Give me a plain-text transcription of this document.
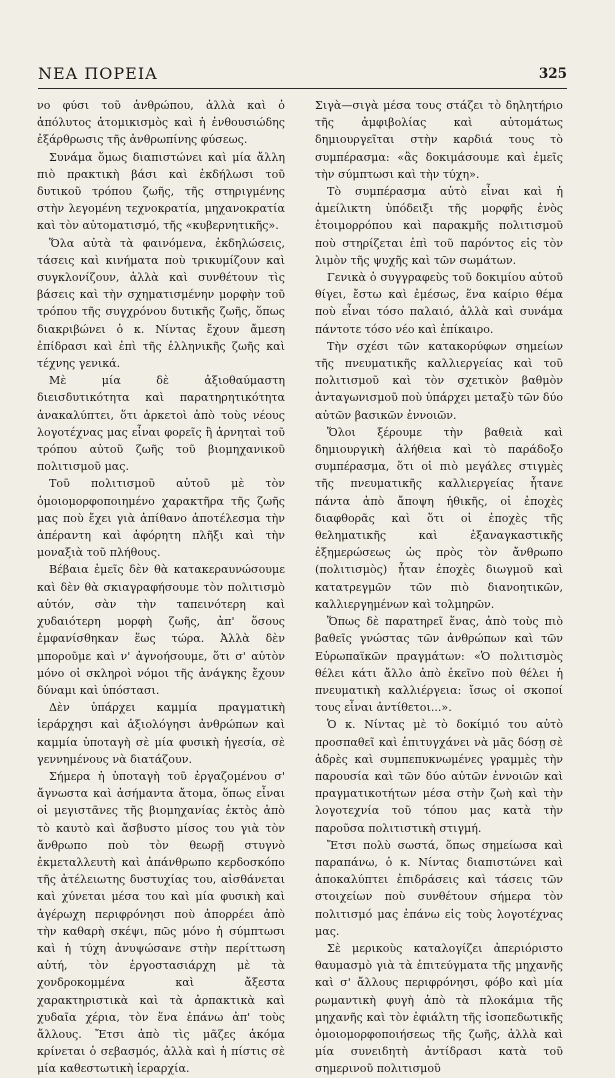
ΝΕΑ ΠΟΡΕΙΑ	325

νο φύσι τοῦ ἀνθρώπου, ἀλλὰ καὶ ὁ ἀπόλυτος ἀτομικισμὸς καὶ ἡ ἐνθουσιώδης ἐξάρθρωσις τῆς ἀνθρωπίνης φύσεως.

Συνάμα ὅμως διαπιστώνει καὶ μία ἄλλη πιὸ πρακτικὴ βάσι καὶ ἐκδήλωσι τοῦ δυτικοῦ τρόπου ζωῆς, τῆς στηριγμένης στὴν λεγομένη τεχνοκρατία, μηχανοκρατία καὶ τὸν αὐτοματισμό, τῆς «κυβερνητικῆς».

Ὅλα αὐτὰ τὰ φαινόμενα, ἐκδηλώσεις, τάσεις καὶ κινήματα ποὺ τρικυμίζουν καὶ συγκλονίζουν, ἀλλὰ καὶ συνθέτουν τὶς βάσεις καὶ τὴν σχηματισμένην μορφὴν τοῦ τρόπου τῆς συγχρόνου δυτικῆς ζωῆς, ὅπως διακριβώνει ὁ κ. Νίντας ἔχουν ἄμεση ἐπίδρασι καὶ ἐπὶ τῆς ἑλληνικῆς ζωῆς καὶ τέχνης γενικά.

Μὲ μία δὲ ἀξιοθαύμαστη διεισδυτικότητα καὶ παρατηρητικότητα ἀνακαλύπτει, ὅτι ἀρκετοὶ ἀπὸ τοὺς νέους λογοτέχνας μας εἶναι φορεῖς ἢ ἀρνηταὶ τοῦ τρόπου αὐτοῦ ζωῆς τοῦ βιομηχανικοῦ πολιτισμοῦ μας.

Τοῦ πολιτισμοῦ αὐτοῦ μὲ τὸν ὁμοιομορφοποιημένο χαρακτῆρα τῆς ζωῆς μας ποὺ ἔχει γιὰ ἀπίθανο ἀποτέλεσμα τὴν ἀπέραντη καὶ ἀφόρητη πλῆξι καὶ τὴν μοναξιὰ τοῦ πλήθους.

Βέβαια ἐμεῖς δὲν θὰ κατακεραυνώσουμε καὶ δὲν θὰ σκιαγραφήσουμε τὸν πολιτισμὸ αὐτόν, σὰν τὴν ταπεινότερη καὶ χυδαιότερη μορφὴ ζωῆς, ἀπ' ὅσους ἐμφανίσθηκαν ἕως τώρα. Ἀλλὰ δὲν μποροῦμε καὶ ν' ἀγνοήσουμε, ὅτι σ' αὐτὸν μόνο οἱ σκληροὶ νόμοι τῆς ἀνάγκης ἔχουν δύναμι καὶ ὑπόστασι.

Δὲν ὑπάρχει καμμία πραγματικὴ ἱεράρχησι καὶ ἀξιολόγησι ἀνθρώπων καὶ καμμία ὑποταγὴ σὲ μία φυσικὴ ἡγεσία, σὲ γεννημένους νὰ διατάζουν.

Σήμερα ἡ ὑποταγὴ τοῦ ἐργαζομένου σ' ἄγνωστα καὶ ἀσήμαντα ἄτομα, ὅπως εἶναι οἱ μεγιστᾶνες τῆς βιομηχανίας ἐκτὸς ἀπὸ τὸ καυτὸ καὶ ἄσβυστο μίσος του γιὰ τὸν ἄνθρωπο ποὺ τὸν θεωρῇ στυγνὸ ἐκμεταλλευτὴ καὶ ἀπάνθρωπο κερδοσκόπο τῆς ἀτέλειωτης δυστυχίας του, αἰσθάνεται καὶ χύνεται μέσα του καὶ μία φυσικὴ καὶ ἀγέρωχη περιφρόνησι ποὺ ἀπορρέει ἀπὸ τὴν καθαρὴ σκέψι, πῶς μόνο ἡ σύμπτωσι καὶ ἡ τύχη ἀνυψώσανε στὴν περίττωση αὐτή, τὸν ἐργοστασιάρχη μὲ τὰ χονδροκομμένα καὶ ἄξεστα χαρακτηριστικὰ καὶ τὰ ἀρπακτικὰ καὶ χυδαῖα χέρια, τὸν ἕνα ἐπάνω ἀπ' τοὺς ἄλλους. Ἔτσι ἀπὸ τὶς μᾶζες ἀκόμα κρίνεται ὁ σεβασμός, ἀλλὰ καὶ ἡ πίστις σὲ μία καθεστωτικὴ ἱεραρχία.

Σιγὰ—σιγὰ μέσα τους στάζει τὸ δηλητήριο τῆς ἀμφιβολίας καὶ αὐτομάτως δημιουργεῖται στὴν καρδιά τους τὸ συμπέρασμα: «ἂς δοκιμάσουμε καὶ ἐμεῖς τὴν σύμπτωσι καὶ τὴν τύχη».

Τὸ συμπέρασμα αὐτὸ εἶναι καὶ ἡ ἀμείλικτη ὑπόδειξι τῆς μορφῆς ἑνὸς ἑτοιμορρόπου καὶ παρακμῆς πολιτισμοῦ ποὺ στηρίζεται ἐπὶ τοῦ παρόντος εἰς τὸν λιμὸν τῆς ψυχῆς καὶ τῶν σωμάτων.

Γενικὰ ὁ συγγραφεὺς τοῦ δοκιμίου αὐτοῦ θίγει, ἔστω καὶ ἐμέσως, ἕνα καίριο θέμα ποὺ εἶναι τόσο παλαιό, ἀλλὰ καὶ συνάμα πάντοτε τόσο νέο καὶ ἐπίκαιρο.

Τὴν σχέσι τῶν κατακορύφων σημείων τῆς πνευματικῆς καλλιεργείας καὶ τοῦ πολιτισμοῦ καὶ τὸν σχετικὸν βαθμὸν ἀνταγωνισμοῦ ποὺ ὑπάρχει μεταξὺ τῶν δύο αὐτῶν βασικῶν ἐννοιῶν.

Ὅλοι ξέρουμε τὴν βαθειὰ καὶ δημιουργικὴ ἀλήθεια καὶ τὸ παράδοξο συμπέρασμα, ὅτι οἱ πιὸ μεγάλες στιγμὲς τῆς πνευματικῆς καλλιεργείας ἦτανε πάντα ἀπὸ ἄποψη ἠθικῆς, οἱ ἐποχὲς διαφθορᾶς καὶ ὅτι οἱ ἐποχὲς τῆς θεληματικῆς καὶ ἐξαναγκαστικῆς ἐξημερώσεως ὡς πρὸς τὸν ἄνθρωπο (πολιτισμὸς) ἦταν ἐποχὲς διωγμοῦ καὶ κατατρεγμῶν τῶν πιὸ διανοητικῶν, καλλιεργημένων καὶ τολμηρῶν.

Ὅπως δὲ παρατηρεῖ ἕνας, ἀπὸ τοὺς πιὸ βαθεῖς γνώστας τῶν ἀνθρώπων καὶ τῶν Εὐρωπαϊκῶν πραγμάτων: «Ὁ πολιτισμὸς θέλει κάτι ἄλλο ἀπὸ ἐκεῖνο ποὺ θέλει ἡ πνευματικὴ καλλιέργεια: ἴσως οἱ σκοποί τους εἶναι ἀντίθετοι...».

Ὁ κ. Νίντας μὲ τὸ δοκίμιό του αὐτὸ προσπαθεῖ καὶ ἐπιτυγχάνει νὰ μᾶς δόσῃ σὲ ἁδρὲς καὶ συμπεπυκνωμένες γραμμὲς τὴν παρουσία καὶ τῶν δύο αὐτῶν ἐννοιῶν καὶ πραγματικοτήτων μέσα στὴν ζωὴ καὶ τὴν λογοτεχνία τοῦ τόπου μας κατὰ τὴν παροῦσα πολιτιστικὴ στιγμή.

Ἔτσι πολὺ σωστά, ὅπως σημείωσα καὶ παραπάνω, ὁ κ. Νίντας διαπιστώνει καὶ ἀποκαλύπτει ἐπιδράσεις καὶ τάσεις τῶν στοιχείων ποὺ συνθέτουν σήμερα τὸν πολιτισμό μας ἐπάνω εἰς τοὺς λογοτέχνας μας.

Σὲ μερικοὺς καταλογίζει ἀπεριόριστο θαυμασμὸ γιὰ τὰ ἐπιτεύγματα τῆς μηχανῆς καὶ σ' ἄλλους περιφρόνησι, φόβο καὶ μία ρωμαντικὴ φυγὴ ἀπὸ τὰ πλοκάμια τῆς μηχανῆς καὶ τὸν ἐφιάλτη τῆς ἰσοπεδωτικῆς ὁμοιομορφοποιήσεως τῆς ζωῆς, ἀλλὰ καὶ μία συνειδητὴ ἀντίδρασι κατὰ τοῦ σημερινοῦ πολιτισμοῦ
